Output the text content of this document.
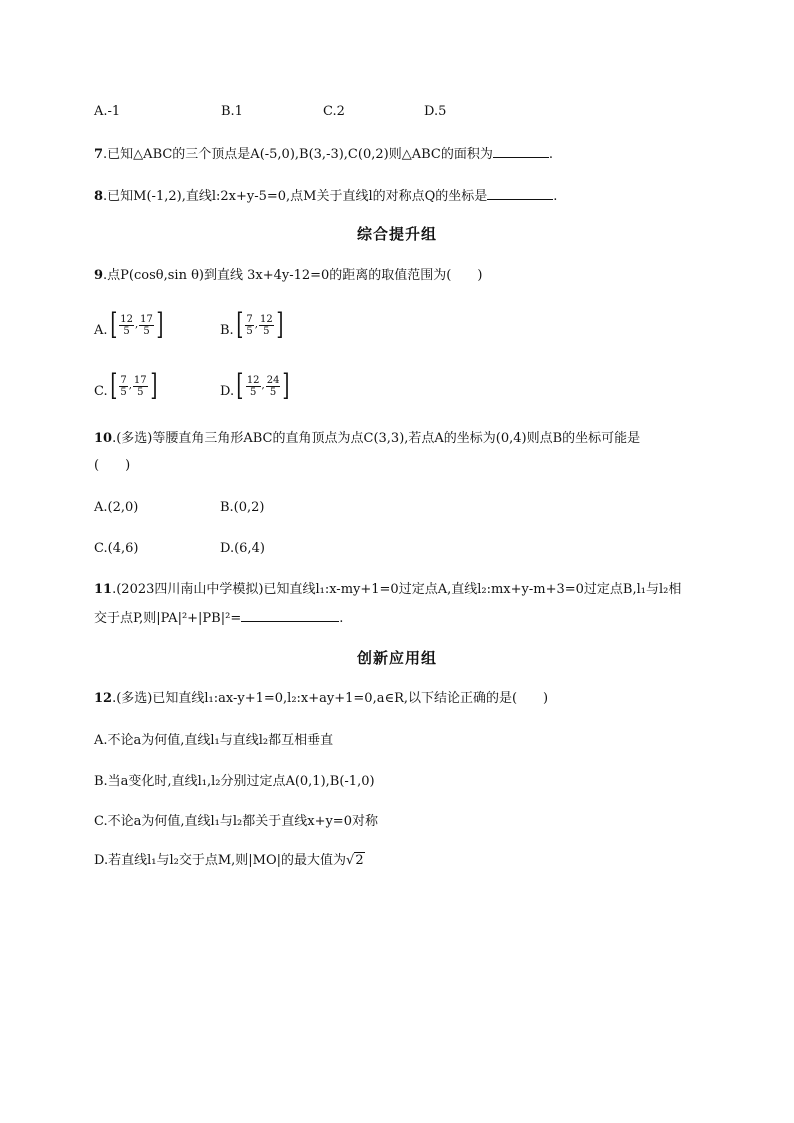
A.-1	B.1	C.2	D.5
7.已知△ABC的三个顶点是A(-5,0),B(3,-3),C(0,2)则△ABC的面积为	.
8.已知M(-1,2),直线l:2x+y-5=0,点M关于直线l的对称点Q的坐标是	.
综合提升组
9.点P(cosθ,sin θ)到直线 3x+4y-12=0的距离的取值范围为(　　)
A. [ $\frac{12}{5}$ , $\frac{17}{5}$ ]	B. [ $\frac{7}{5}$ , $\frac{12}{5}$ ]
C. [ $\frac{7}{5}$ , $\frac{17}{5}$ ]	D. [ $\frac{12}{5}$ , $\frac{24}{5}$ ]
10.(多选)等腰直角三角形ABC的直角顶点为点C(3,3),若点A的坐标为(0,4)则点B的坐标可能是
(　　)
A.(2,0)	B.(0,2)
C.(4,6)	D.(6,4)
11.(2023四川南山中学模拟)已知直线l₁:x-my+1=0过定点A,直线l₂:mx+y-m+3=0过定点B,l₁与l₂相
交于点P,则|PA|²+|PB|²=	.
创新应用组
12.(多选)已知直线l₁:ax-y+1=0,l₂:x+ay+1=0,a∈R,以下结论正确的是(　　)
A.不论a为何值,直线l₁与直线l₂都互相垂直
B.当a变化时,直线l₁,l₂分别过定点A(0,1),B(-1,0)
C.不论a为何值,直线l₁与l₂都关于直线x+y=0对称
D.若直线l₁与l₂交于点M,则|MO|的最大值为√2
